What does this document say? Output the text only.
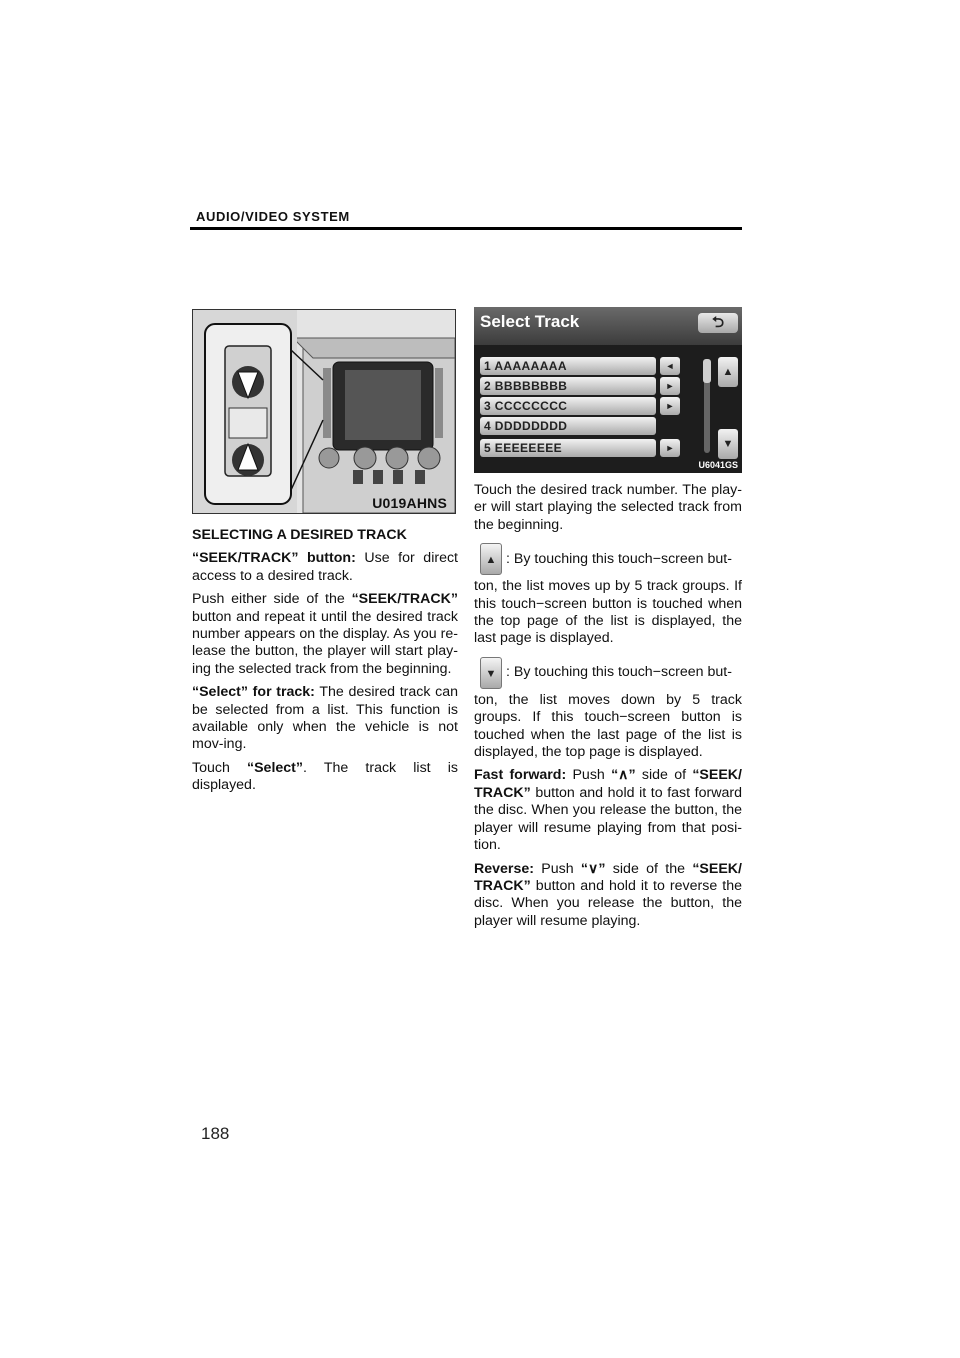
AUDIO/VIDEO SYSTEM
U019AHNS

SELECTING A DESIRED TRACK

“SEEK/TRACK” button: Use for direct access to a desired track.

Push either side of the “SEEK/TRACK” button and repeat it until the desired track number appears on the display. As you re-lease the button, the player will start play-ing the selected track from the beginning.

“Select” for track: The desired track can be selected from a list. This function is available only when the vehicle is not mov-ing.

Touch “Select”. The track list is displayed.

Select Track	⮌
1 AAAAAAAA	◄
2 BBBBBBBB	►
3 CCCCCCCC	►
4 DDDDDDDD
5 EEEEEEEE	►
▲
▼
U6041GS

Touch the desired track number. The play-er will start playing the selected track from the beginning.

▲ : By touching this touch−screen but-

ton, the list moves up by 5 track groups. If this touch−screen button is touched when the top page of the list is displayed, the last page is displayed.

▼ : By touching this touch−screen but-

ton, the list moves down by 5 track groups. If this touch−screen button is touched when the last page of the list is displayed, the top page is displayed.

Fast forward: Push “∧” side of “SEEK/ TRACK” button and hold it to fast forward the disc. When you release the button, the player will resume playing from that posi-tion.

Reverse: Push “∨” side of the “SEEK/ TRACK” button and hold it to reverse the disc. When you release the button, the player will resume playing.

188
